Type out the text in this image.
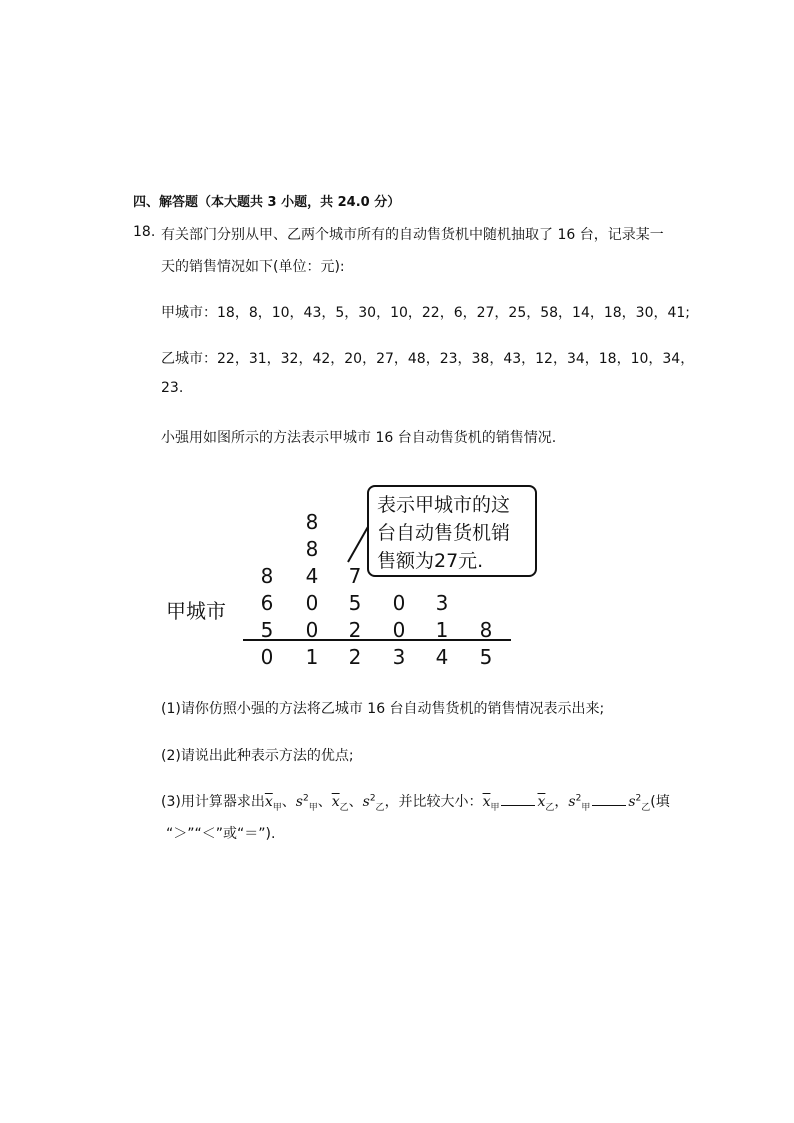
四、解答题（本大题共 3 小题，共 24.0 分）
18. 有关部门分别从甲、乙两个城市所有的自动售货机中随机抽取了 16 台，记录某一
天的销售情况如下(单位：元):
甲城市：18，8，10，43，5，30，10，22，6，27，25，58，14，18，30，41;
乙城市：22，31，32，42，20，27，48，23，38，43，12，34，18，10，34，
23.
小强用如图所示的方法表示甲城市 16 台自动售货机的销售情况.
甲城市
0
5
6
8
1
0
0
4
8
8
2
2
5
7
3
0
0
4
1
3
5
8
表示甲城市的这
台自动售货机销
售额为27元.
(1)请你仿照小强的方法将乙城市 16 台自动售货机的销售情况表示出来;
(2)请说出此种表示方法的优点;
(3)用计算器求出$\overline{x}_甲$、$s^2_甲$、$\overline{x}_乙$、$s^2_乙$，并比较大小：$\overline{x}_甲$	$\overline{x}_乙$，$s^2_甲$	$s^2_乙$(填
“＞”“＜”或“＝”).
